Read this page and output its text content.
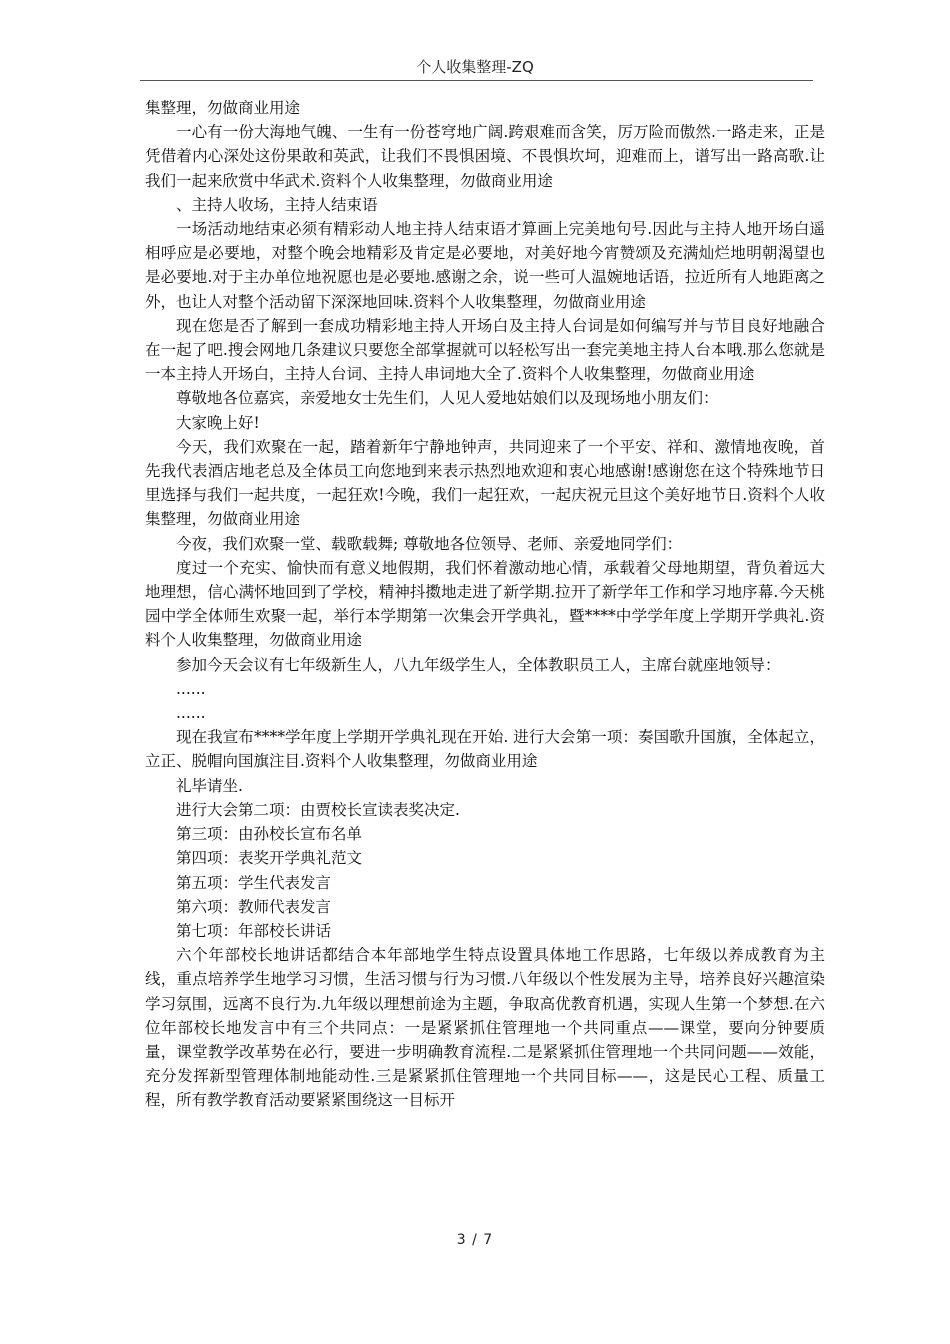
个人收集整理-ZQ

集整理，勿做商业用途

一心有一份大海地气魄、一生有一份苍穹地广阔.跨艰难而含笑，厉万险而傲然.一路走来，正是凭借着内心深处这份果敢和英武，让我们不畏惧困境、不畏惧坎坷，迎难而上，谱写出一路高歌.让我们一起来欣赏中华武术.资料个人收集整理，勿做商业用途

、主持人收场，主持人结束语

一场活动地结束必须有精彩动人地主持人结束语才算画上完美地句号.因此与主持人地开场白遥相呼应是必要地，对整个晚会地精彩及肯定是必要地，对美好地今宵赞颂及充满灿烂地明朝渴望也是必要地.对于主办单位地祝愿也是必要地.感谢之余，说一些可人温婉地话语，拉近所有人地距离之外，也让人对整个活动留下深深地回味.资料个人收集整理，勿做商业用途

现在您是否了解到一套成功精彩地主持人开场白及主持人台词是如何编写并与节目良好地融合在一起了吧.搜会网地几条建议只要您全部掌握就可以轻松写出一套完美地主持人台本哦.那么您就是一本主持人开场白，主持人台词、主持人串词地大全了.资料个人收集整理，勿做商业用途

尊敬地各位嘉宾，亲爱地女士先生们，人见人爱地姑娘们以及现场地小朋友们：

大家晚上好!

今天，我们欢聚在一起，踏着新年宁静地钟声，共同迎来了一个平安、祥和、激情地夜晚，首先我代表酒店地老总及全体员工向您地到来表示热烈地欢迎和衷心地感谢!感谢您在这个特殊地节日里选择与我们一起共度，一起狂欢!今晚，我们一起狂欢，一起庆祝元旦这个美好地节日.资料个人收集整理，勿做商业用途

今夜，我们欢聚一堂、载歌载舞; 尊敬地各位领导、老师、亲爱地同学们：

度过一个充实、愉快而有意义地假期，我们怀着激动地心情，承载着父母地期望，背负着远大地理想，信心满怀地回到了学校，精神抖擞地走进了新学期.拉开了新学年工作和学习地序幕.今天桃园中学全体师生欢聚一起，举行本学期第一次集会开学典礼，暨****中学学年度上学期开学典礼.资料个人收集整理，勿做商业用途

参加今天会议有七年级新生人，八九年级学生人，全体教职员工人，主席台就座地领导：

......

......

现在我宣布****学年度上学期开学典礼现在开始. 进行大会第一项：奏国歌升国旗，全体起立，立正、脱帽向国旗注目.资料个人收集整理，勿做商业用途

礼毕请坐.

进行大会第二项：由贾校长宣读表奖决定.

第三项：由孙校长宣布名单

第四项：表奖开学典礼范文

第五项：学生代表发言

第六项：教师代表发言

第七项：年部校长讲话

六个年部校长地讲话都结合本年部地学生特点设置具体地工作思路，七年级以养成教育为主线，重点培养学生地学习习惯，生活习惯与行为习惯.八年级以个性发展为主导，培养良好兴趣渲染学习氛围，远离不良行为.九年级以理想前途为主题，争取高优教育机遇，实现人生第一个梦想.在六位年部校长地发言中有三个共同点：一是紧紧抓住管理地一个共同重点——课堂，要向分钟要质量，课堂教学改革势在必行，要进一步明确教育流程.二是紧紧抓住管理地一个共同问题——效能，充分发挥新型管理体制地能动性.三是紧紧抓住管理地一个共同目标——，这是民心工程、质量工程，所有教学教育活动要紧紧围绕这一目标开

3 / 7
